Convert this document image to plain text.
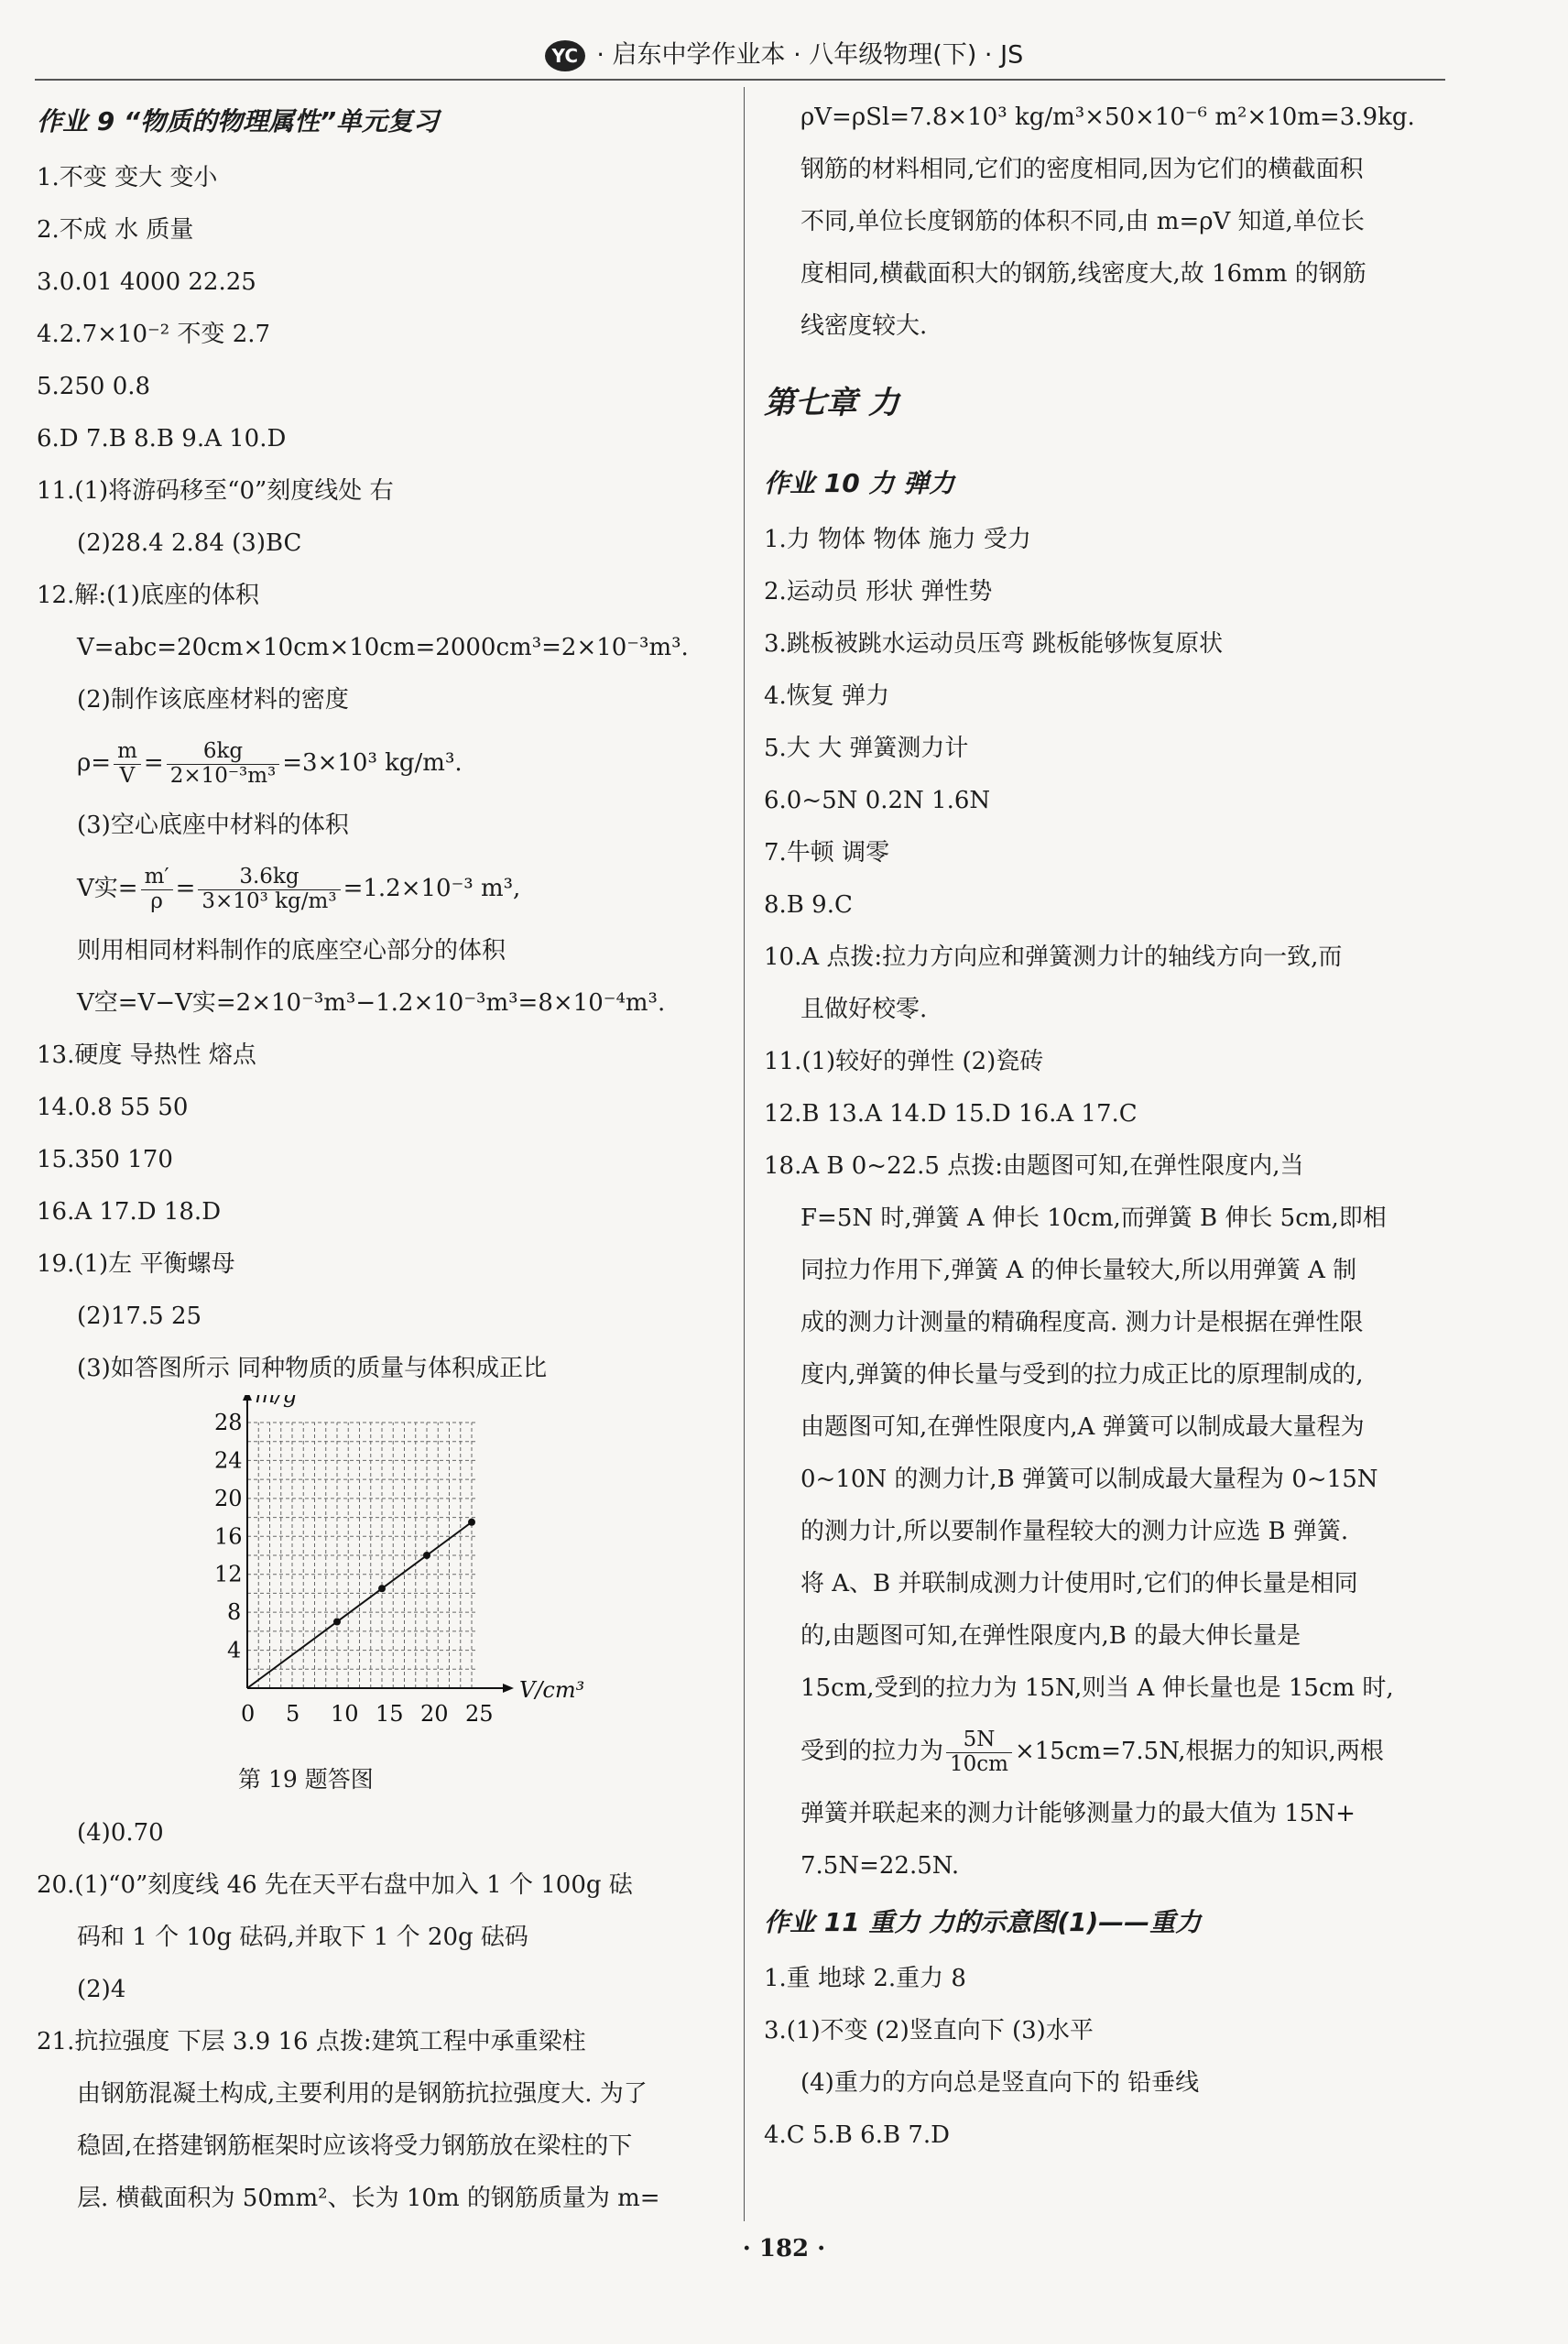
YC · 启东中学作业本 · 八年级物理(下) · JS
作业 9 “物质的物理属性”单元复习
1.不变 变大 变小
2.不成 水 质量
3.0.01 4000 22.25
4.2.7×10⁻² 不变 2.7
5.250 0.8
6.D 7.B 8.B 9.A 10.D
11.(1)将游码移至“0”刻度线处 右
(2)28.4 2.84 (3)BC
12.解:(1)底座的体积
V=abc=20cm×10cm×10cm=2000cm³=2×10⁻³m³.
(2)制作该底座材料的密度
$\rho= \frac{m}{V} = \frac{6kg}{\text{2×10⁻³m³}} =3\times 10^3$ kg/m³.
(3)空心底座中材料的体积
V实= $\frac{m'}{\rho} = \frac{3.6kg}{\text{3×10³ kg/m³}} =1.2\times 10^{-3}$ m³,
则用相同材料制作的底座空心部分的体积
V空=V−V实=2×10⁻³m³−1.2×10⁻³m³=8×10⁻⁴m³.
13.硬度 导热性 熔点
14.0.8 55 50
15.350 170
16.A 17.D 18.D
19.(1)左 平衡螺母
(2)17.5 25
(3)如答图所示 同种物质的质量与体积成正比
0 5 10 15 20 25
4
8
12
16
20
24
28
V/cm³
m/g
第 19 题答图
(4)0.70
20.(1)“0”刻度线 46 先在天平右盘中加入 1 个 100g 砝
码和 1 个 10g 砝码,并取下 1 个 20g 砝码
(2)4
21.抗拉强度 下层 3.9 16 点拨:建筑工程中承重梁柱
由钢筋混凝土构成,主要利用的是钢筋抗拉强度大. 为了
稳固,在搭建钢筋框架时应该将受力钢筋放在梁柱的下
层. 横截面积为 50mm²、长为 10m 的钢筋质量为 m=
ρV=ρSl=7.8×10³ kg/m³×50×10⁻⁶ m²×10m=3.9kg.
钢筋的材料相同,它们的密度相同,因为它们的横截面积
不同,单位长度钢筋的体积不同,由 m=ρV 知道,单位长
度相同,横截面积大的钢筋,线密度大,故 16mm 的钢筋
线密度较大.
第七章 力
作业 10 力 弹力
1.力 物体 物体 施力 受力
2.运动员 形状 弹性势
3.跳板被跳水运动员压弯 跳板能够恢复原状
4.恢复 弹力
5.大 大 弹簧测力计
6.0~5N 0.2N 1.6N
7.牛顿 调零
8.B 9.C
10.A 点拨:拉力方向应和弹簧测力计的轴线方向一致,而
且做好校零.
11.(1)较好的弹性 (2)瓷砖
12.B 13.A 14.D 15.D 16.A 17.C
18.A B 0~22.5 点拨:由题图可知,在弹性限度内,当
F=5N 时,弹簧 A 伸长 10cm,而弹簧 B 伸长 5cm,即相
同拉力作用下,弹簧 A 的伸长量较大,所以用弹簧 A 制
成的测力计测量的精确程度高. 测力计是根据在弹性限
度内,弹簧的伸长量与受到的拉力成正比的原理制成的,
由题图可知,在弹性限度内,A 弹簧可以制成最大量程为
0~10N 的测力计,B 弹簧可以制成最大量程为 0~15N
的测力计,所以要制作量程较大的测力计应选 B 弹簧.
将 A、B 并联制成测力计使用时,它们的伸长量是相同
的,由题图可知,在弹性限度内,B 的最大伸长量是
15cm,受到的拉力为 15N,则当 A 伸长量也是 15cm 时,
受到的拉力为 $\frac{5N}{10cm} \times 15cm=7.5N$,根据力的知识,两根
弹簧并联起来的测力计能够测量力的最大值为 15N+
7.5N=22.5N.
作业 11 重力 力的示意图(1)——重力
1.重 地球 2.重力 8
3.(1)不变 (2)竖直向下 (3)水平
(4)重力的方向总是竖直向下的 铅垂线
4.C 5.B 6.B 7.D
· 182 ·
